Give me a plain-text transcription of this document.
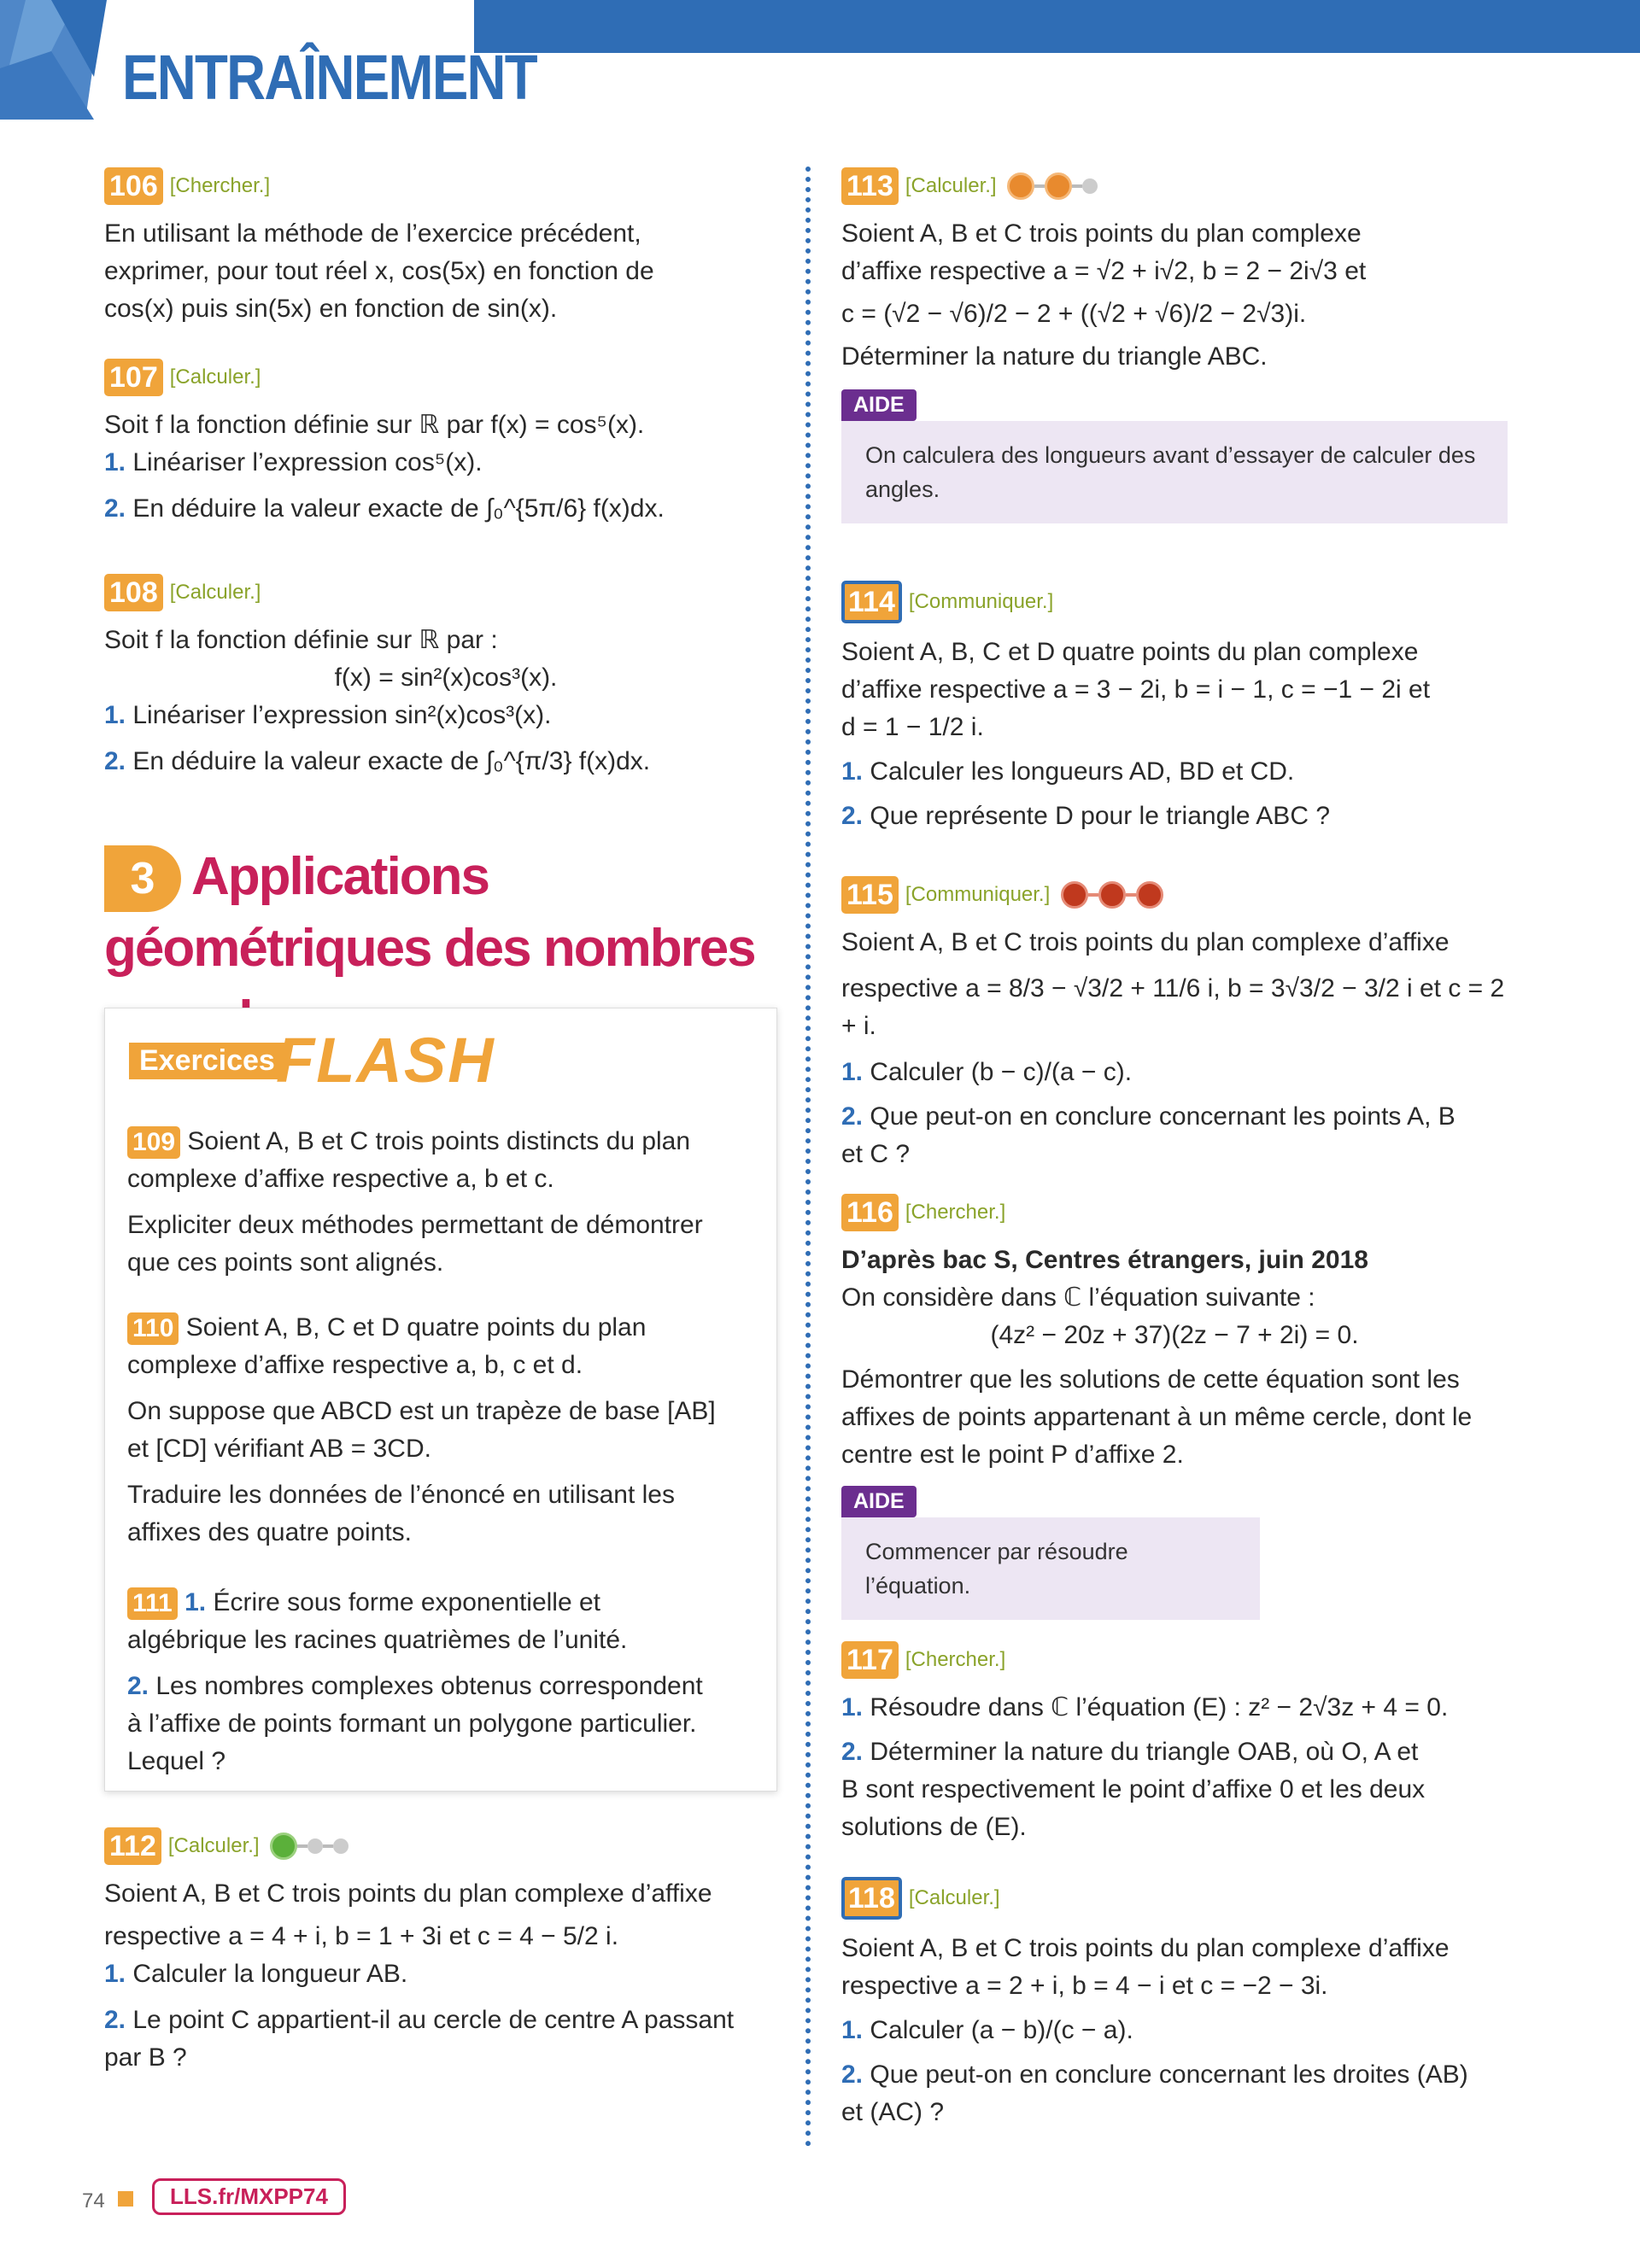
ENTRAÎNEMENT
106 [Chercher.]

En utilisant la méthode de l’exercice précédent,

exprimer, pour tout réel x, cos(5x) en fonction de

cos(x) puis sin(5x) en fonction de sin(x).

107 [Calculer.]

Soit f la fonction définie sur ℝ par f(x) = cos⁵(x).

1. Linéariser l’expression cos⁵(x).

2. En déduire la valeur exacte de ∫₀^{5π/6} f(x)dx.

108 [Calculer.]

Soit f la fonction définie sur ℝ par :

f(x) = sin²(x)cos³(x).

1. Linéariser l’expression sin²(x)cos³(x).

2. En déduire la valeur exacte de ∫₀^{π/3} f(x)dx.

3 Applications géométriques des nombres
Exercices FLASH

109 Soient A, B et C trois points distincts du plan

complexe d’affixe respective a, b et c.

Expliciter deux méthodes permettant de démontrer

que ces points sont alignés.

110 Soient A, B, C et D quatre points du plan

complexe d’affixe respective a, b, c et d.

On suppose que ABCD est un trapèze de base [AB]

et [CD] vérifiant AB = 3CD.

Traduire les données de l’énoncé en utilisant les

affixes des quatre points.

111 1. Écrire sous forme exponentielle et

algébrique les racines quatrièmes de l’unité.

2. Les nombres complexes obtenus correspondent

à l’affixe de points formant un polygone particulier.

Lequel ?

112 [Calculer.]

Soient A, B et C trois points du plan complexe d’affixe

respective a = 4 + i, b = 1 + 3i et c = 4 − 5/2 i.

1. Calculer la longueur AB.

2. Le point C appartient-il au cercle de centre A passant

par B ?

113 [Calculer.]

Soient A, B et C trois points du plan complexe

d’affixe respective a = √2 + i√2, b = 2 − 2i√3 et

c = (√2 − √6)/2 − 2 + ((√2 + √6)/2 − 2√3)i.

Déterminer la nature du triangle ABC.

AIDE
On calculera des longueurs avant d’essayer de calculer des angles.
114 [Communiquer.]

Soient A, B, C et D quatre points du plan complexe

d’affixe respective a = 3 − 2i, b = i − 1, c = −1 − 2i et

d = 1 − 1/2 i.

1. Calculer les longueurs AD, BD et CD.

2. Que représente D pour le triangle ABC ?

115 [Communiquer.]

Soient A, B et C trois points du plan complexe d’affixe

respective a = 8/3 − √3/2 + 11/6 i, b = 3√3/2 − 3/2 i et c = 2 + i.

1. Calculer (b − c)/(a − c).

2. Que peut-on en conclure concernant les points A, B

et C ?

116 [Chercher.]

D’après bac S, Centres étrangers, juin 2018

On considère dans ℂ l’équation suivante :

(4z² − 20z + 37)(2z − 7 + 2i) = 0.

Démontrer que les solutions de cette équation sont les

affixes de points appartenant à un même cercle, dont le

centre est le point P d’affixe 2.

AIDE
Commencer par résoudre l’équation.
117 [Chercher.]

1. Résoudre dans ℂ l’équation (E) : z² − 2√3z + 4 = 0.

2. Déterminer la nature du triangle OAB, où O, A et

B sont respectivement le point d’affixe 0 et les deux

solutions de (E).

118 [Calculer.]

Soient A, B et C trois points du plan complexe d’affixe

respective a = 2 + i, b = 4 − i et c = −2 − 3i.

1. Calculer (a − b)/(c − a).

2. Que peut-on en conclure concernant les droites (AB)

et (AC) ?

74	LLS.fr/MXPP74
